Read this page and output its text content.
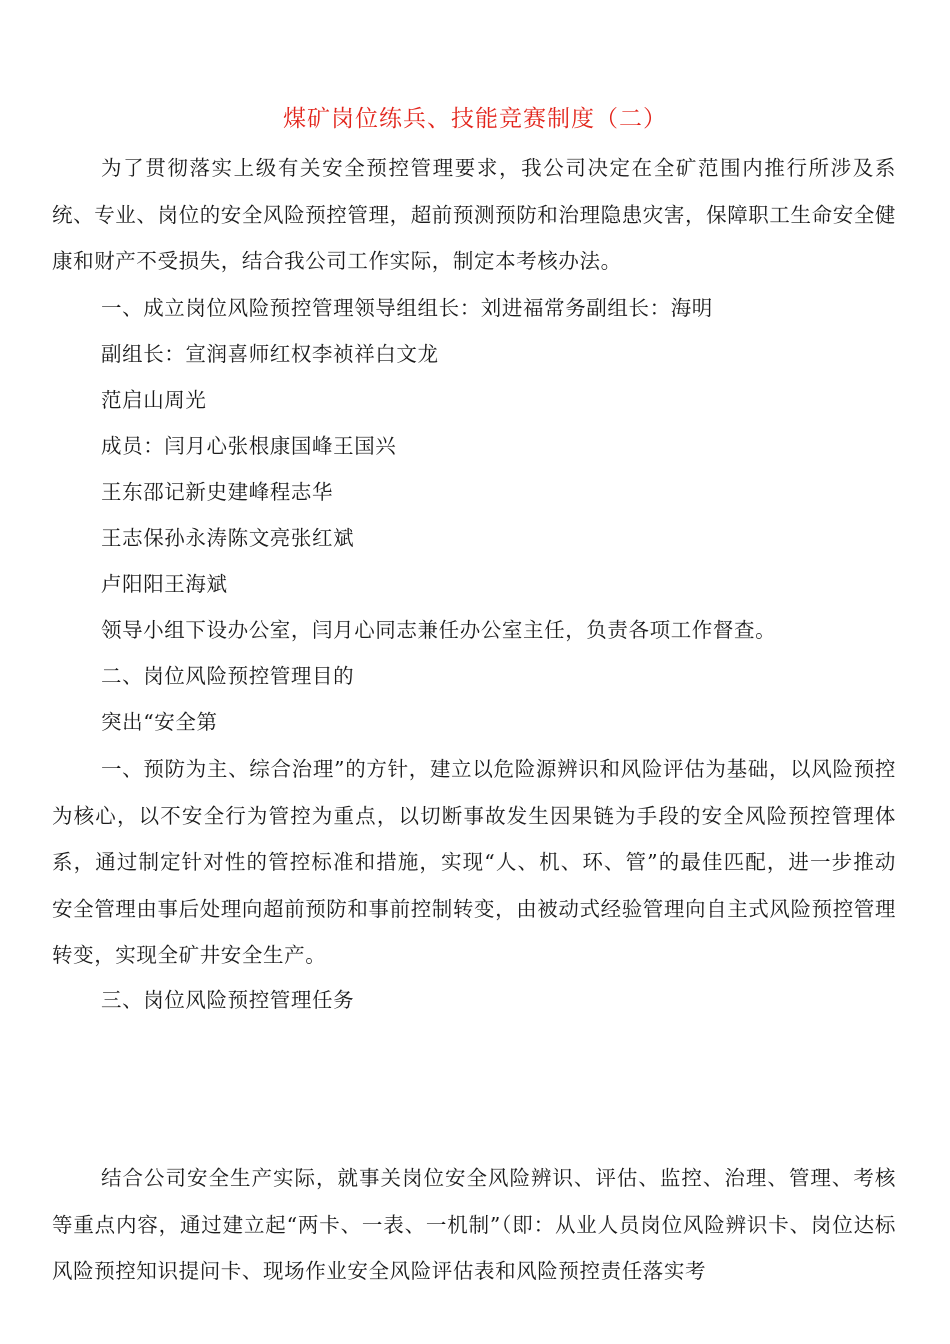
煤矿岗位练兵、技能竞赛制度（二）

为了贯彻落实上级有关安全预控管理要求，我公司决定在全矿范围内推行所涉及系统、专业、岗位的安全风险预控管理，超前预测预防和治理隐患灾害，保障职工生命安全健康和财产不受损失，结合我公司工作实际，制定本考核办法。

一、成立岗位风险预控管理领导组组长：刘进福常务副组长：海明
副组长：宣润喜师红权李祯祥白文龙
范启山周光
成员：闫月心张根康国峰王国兴
王东邵记新史建峰程志华
王志保孙永涛陈文亮张红斌
卢阳阳王海斌
领导小组下设办公室，闫月心同志兼任办公室主任，负责各项工作督查。
二、岗位风险预控管理目的
突出“安全第

一、预防为主、综合治理”的方针，建立以危险源辨识和风险评估为基础，以风险预控为核心，以不安全行为管控为重点，以切断事故发生因果链为手段的安全风险预控管理体系，通过制定针对性的管控标准和措施，实现“人、机、环、管”的最佳匹配，进一步推动安全管理由事后处理向超前预防和事前控制转变，由被动式经验管理向自主式风险预控管理转变，实现全矿井安全生产。

三、岗位风险预控管理任务

结合公司安全生产实际，就事关岗位安全风险辨识、评估、监控、治理、管理、考核等重点内容，通过建立起“两卡、一表、一机制”（即：从业人员岗位风险辨识卡、岗位达标风险预控知识提问卡、现场作业安全风险评估表和风险预控责任落实考
